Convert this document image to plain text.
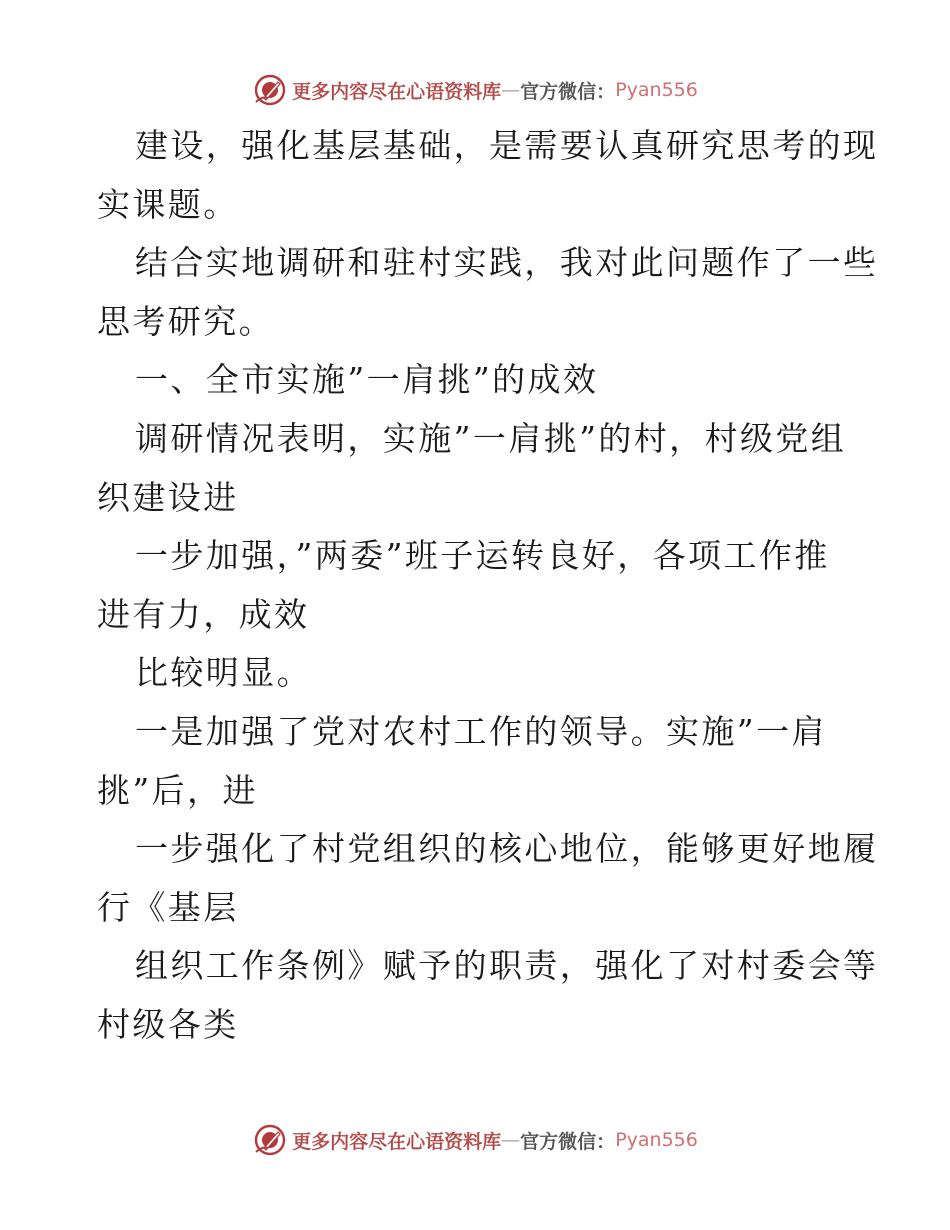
更多内容尽在心语资料库 — 官方微信： Pyan556

建设，强化基层基础，是需要认真研究思考的现

实课题。

结合实地调研和驻村实践，我对此问题作了一些

思考研究。

一、全市实施”一肩挑”的成效

调研情况表明，实施”一肩挑”的村，村级党组

织建设进

一步加强，”两委”班子运转良好，各项工作推

进有力，成效

比较明显。

一是加强了党对农村工作的领导。实施”一肩

挑”后，进

一步强化了村党组织的核心地位，能够更好地履

行《基层

组织工作条例》赋予的职责，强化了对村委会等

村级各类

更多内容尽在心语资料库 — 官方微信： Pyan556
